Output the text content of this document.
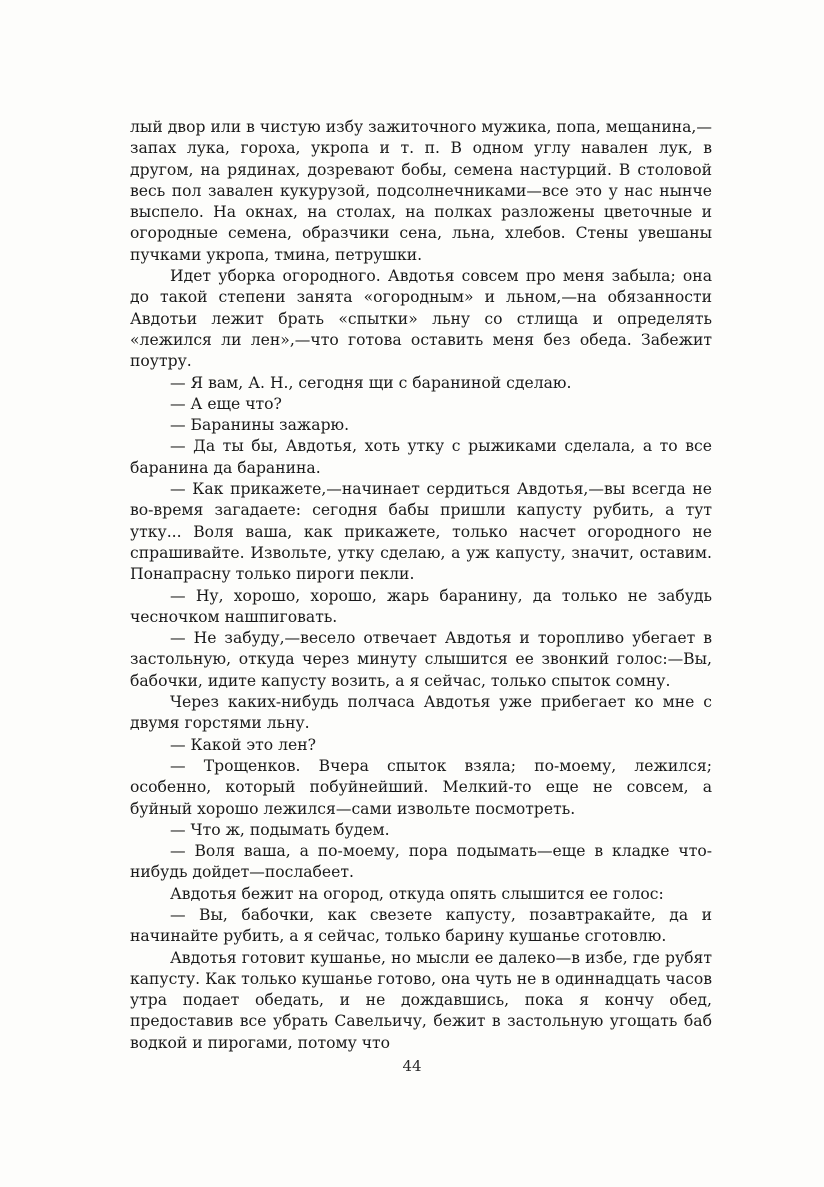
лый двор или в чистую избу зажиточного мужика, попа, мещанина,—запах лука, гороха, укропа и т. п. В одном углу навален лук, в другом, на рядинах, дозревают бобы, семена настурций. В столовой весь пол завален кукурузой, подсолнечниками—все это у нас нынче выспело. На окнах, на столах, на полках разложены цветочные и огородные семена, образчики сена, льна, хлебов. Стены увешаны пучками укропа, тмина, петрушки.

Идет уборка огородного. Авдотья совсем про меня забыла; она до такой степени занята «огородным» и льном,—на обязанности Авдотьи лежит брать «спытки» льну со стлища и определять «лежился ли лен»,—что готова оставить меня без обеда. Забежит поутру.

— Я вам, А. Н., сегодня щи с бараниной сделаю.

— А еще что?

— Баранины зажарю.

— Да ты бы, Авдотья, хоть утку с рыжиками сделала, а то все баранина да баранина.

— Как прикажете,—начинает сердиться Авдотья,—вы всегда не во-время загадаете: сегодня бабы пришли капусту рубить, а тут утку... Воля ваша, как прикажете, только насчет огородного не спрашивайте. Извольте, утку сделаю, а уж капусту, значит, оставим. Понапрасну только пироги пекли.

— Ну, хорошо, хорошо, жарь баранину, да только не забудь чесночком нашпиговать.

— Не забуду,—весело отвечает Авдотья и торопливо убегает в застольную, откуда через минуту слышится ее звонкий голос:—Вы, бабочки, идите капусту возить, а я сейчас, только спыток сомну.

Через каких-нибудь полчаса Авдотья уже прибегает ко мне с двумя горстями льну.

— Какой это лен?

— Трощенков. Вчера спыток взяла; по-моему, лежился; особенно, который побуйнейший. Мелкий-то еще не совсем, а буйный хорошо лежился—сами извольте посмотреть.

— Что ж, подымать будем.

— Воля ваша, а по-моему, пора подымать—еще в кладке что-нибудь дойдет—послабеет.

Авдотья бежит на огород, откуда опять слышится ее голос:

— Вы, бабочки, как свезете капусту, позавтракайте, да и начинайте рубить, а я сейчас, только барину кушанье сготовлю.

Авдотья готовит кушанье, но мысли ее далеко—в избе, где рубят капусту. Как только кушанье готово, она чуть не в одиннадцать часов утра подает обедать, и не дождавшись, пока я кончу обед, предоставив все убрать Савельичу, бежит в застольную угощать баб водкой и пирогами, потому что

44
